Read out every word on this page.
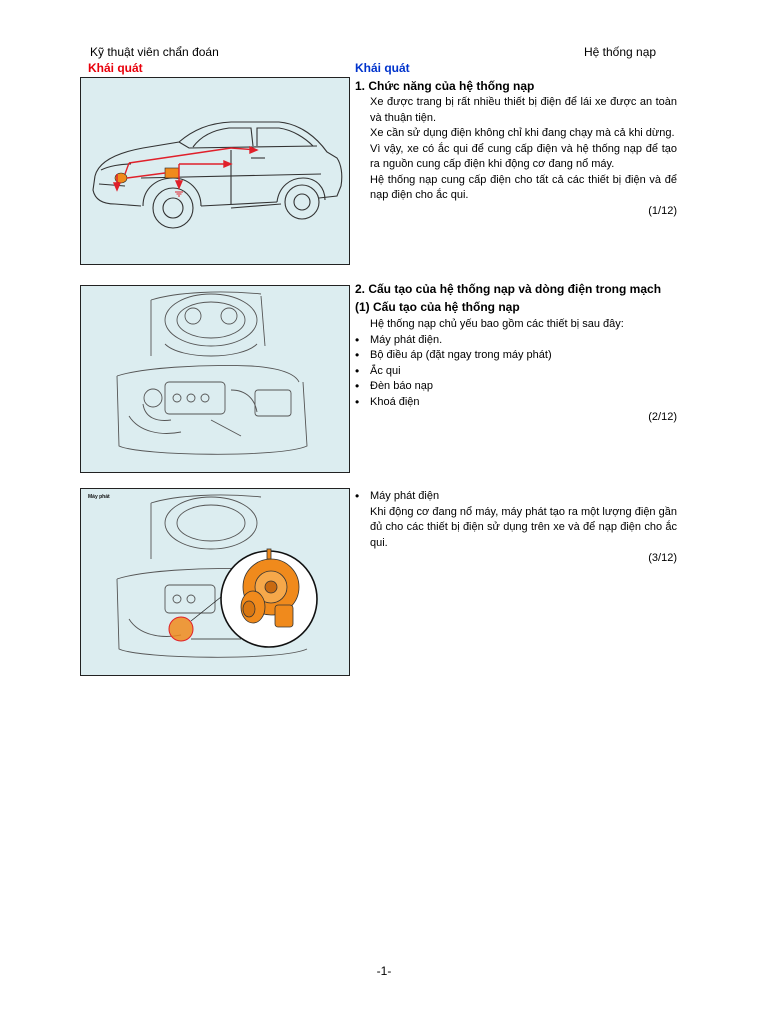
Kỹ thuật viên chẩn đoán	Hệ thống nạp
Khái quát	Khái quát
1. Chức năng của hệ thống nạp
Xe được trang bị rất nhiều thiết bị điện để lái xe được an toàn và thuận tiện.
Xe cần sử dụng điện không chỉ khi đang chạy mà cả khi dừng.
Vì vậy, xe có ắc qui để cung cấp điện và hệ thống nạp để tạo ra nguồn cung cấp điện khi động cơ đang nổ máy.
Hệ thống nạp cung cấp điện cho tất cả các thiết bị điện và để nạp điện cho ắc qui.
(1/12)
2. Cấu tạo của hệ thống nạp và dòng điện trong mạch
(1) Cấu tạo của hệ thống nạp
Hệ thống nạp chủ yếu bao gồm các thiết bị sau đây:
• Máy phát điện.
• Bộ điều áp (đặt ngay trong máy phát)
• Ắc qui
• Đèn báo nạp
• Khoá điện
(2/12)
Máy phát
•	Máy phát điện
Khi động cơ đang nổ máy, máy phát tạo ra một lượng điện gần đủ cho các thiết bị điện sử dụng trên xe và để nạp điện cho ắc qui.
(3/12)
-1-
